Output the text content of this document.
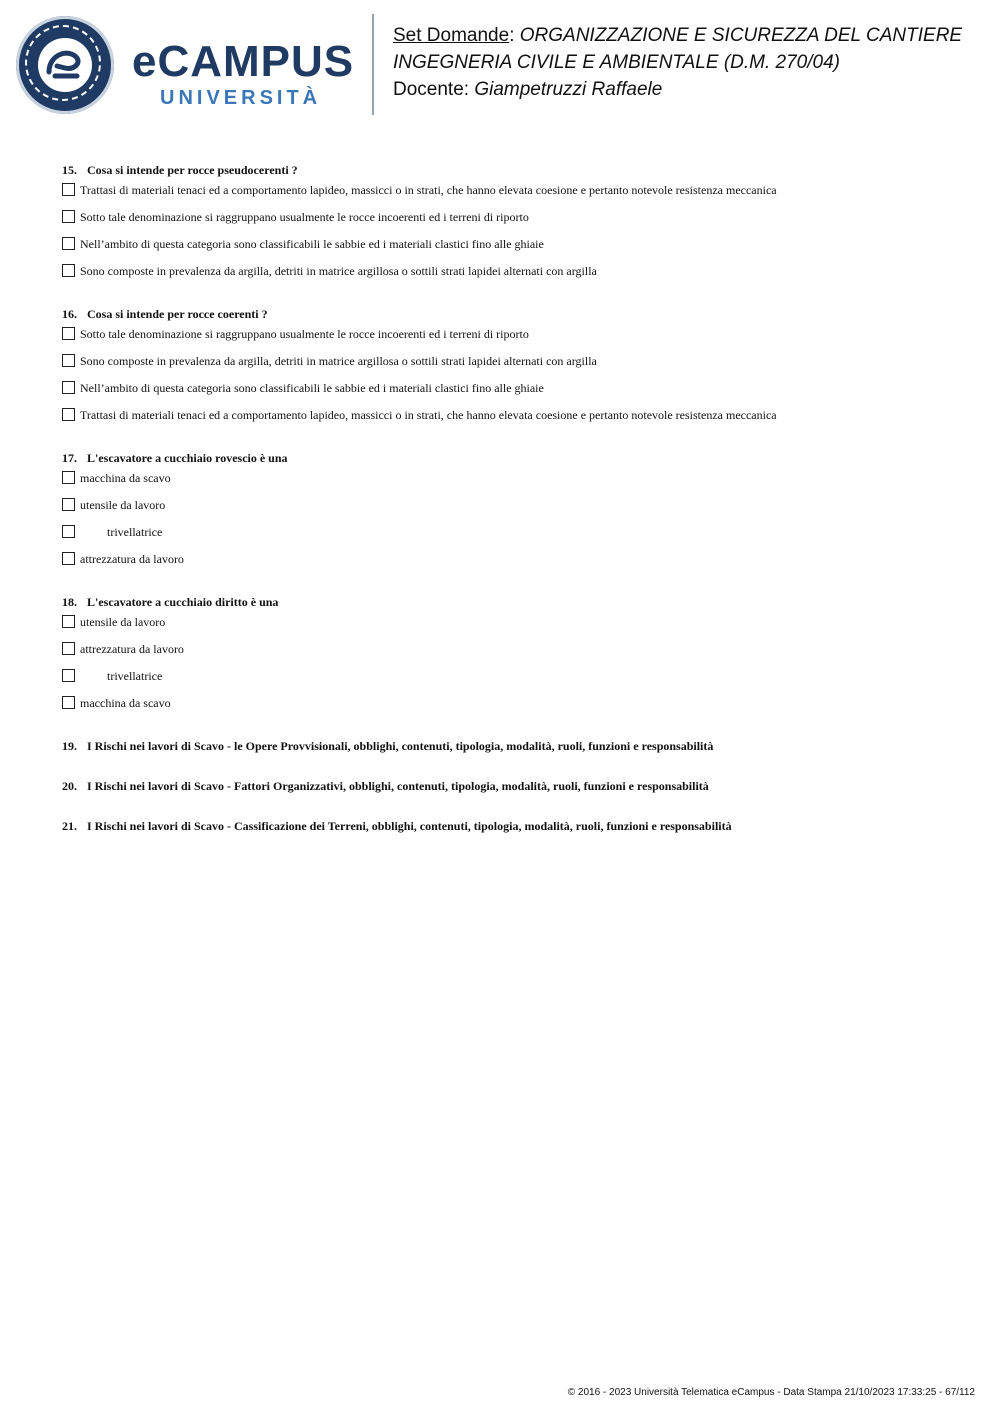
eCAMPUS
UNIVERSITÀ
Set Domande: ORGANIZZAZIONE E SICUREZZA DEL CANTIERE
INGEGNERIA CIVILE E AMBIENTALE (D.M. 270/04)
Docente: Giampetruzzi Raffaele
15. Cosa si intende per rocce pseudocerenti ?
Trattasi di materiali tenaci ed a comportamento lapideo, massicci o in strati, che hanno elevata coesione e pertanto notevole resistenza meccanica
Sotto tale denominazione si raggruppano usualmente le rocce incoerenti ed i terreni di riporto
Nell’ambito di questa categoria sono classificabili le sabbie ed i materiali clastici fino alle ghiaie
Sono composte in prevalenza da argilla, detriti in matrice argillosa o sottili strati lapidei alternati con argilla
16. Cosa si intende per rocce coerenti ?
Sotto tale denominazione si raggruppano usualmente le rocce incoerenti ed i terreni di riporto
Sono composte in prevalenza da argilla, detriti in matrice argillosa o sottili strati lapidei alternati con argilla
Nell’ambito di questa categoria sono classificabili le sabbie ed i materiali clastici fino alle ghiaie
Trattasi di materiali tenaci ed a comportamento lapideo, massicci o in strati, che hanno elevata coesione e pertanto notevole resistenza meccanica
17. L'escavatore a cucchiaio rovescio è una
macchina da scavo
utensile da lavoro
trivellatrice
attrezzatura da lavoro
18. L'escavatore a cucchiaio diritto è una
utensile da lavoro
attrezzatura da lavoro
trivellatrice
macchina da scavo
19. I Rischi nei lavori di Scavo - le Opere Provvisionali, obblighi, contenuti, tipologia, modalità, ruoli, funzioni e responsabilità
20. I Rischi nei lavori di Scavo - Fattori Organizzativi, obblighi, contenuti, tipologia, modalità, ruoli, funzioni e responsabilità
21. I Rischi nei lavori di Scavo - Cassificazione dei Terreni, obblighi, contenuti, tipologia, modalità, ruoli, funzioni e responsabilità
© 2016 - 2023 Università Telematica eCampus - Data Stampa 21/10/2023 17:33:25 - 67/112
